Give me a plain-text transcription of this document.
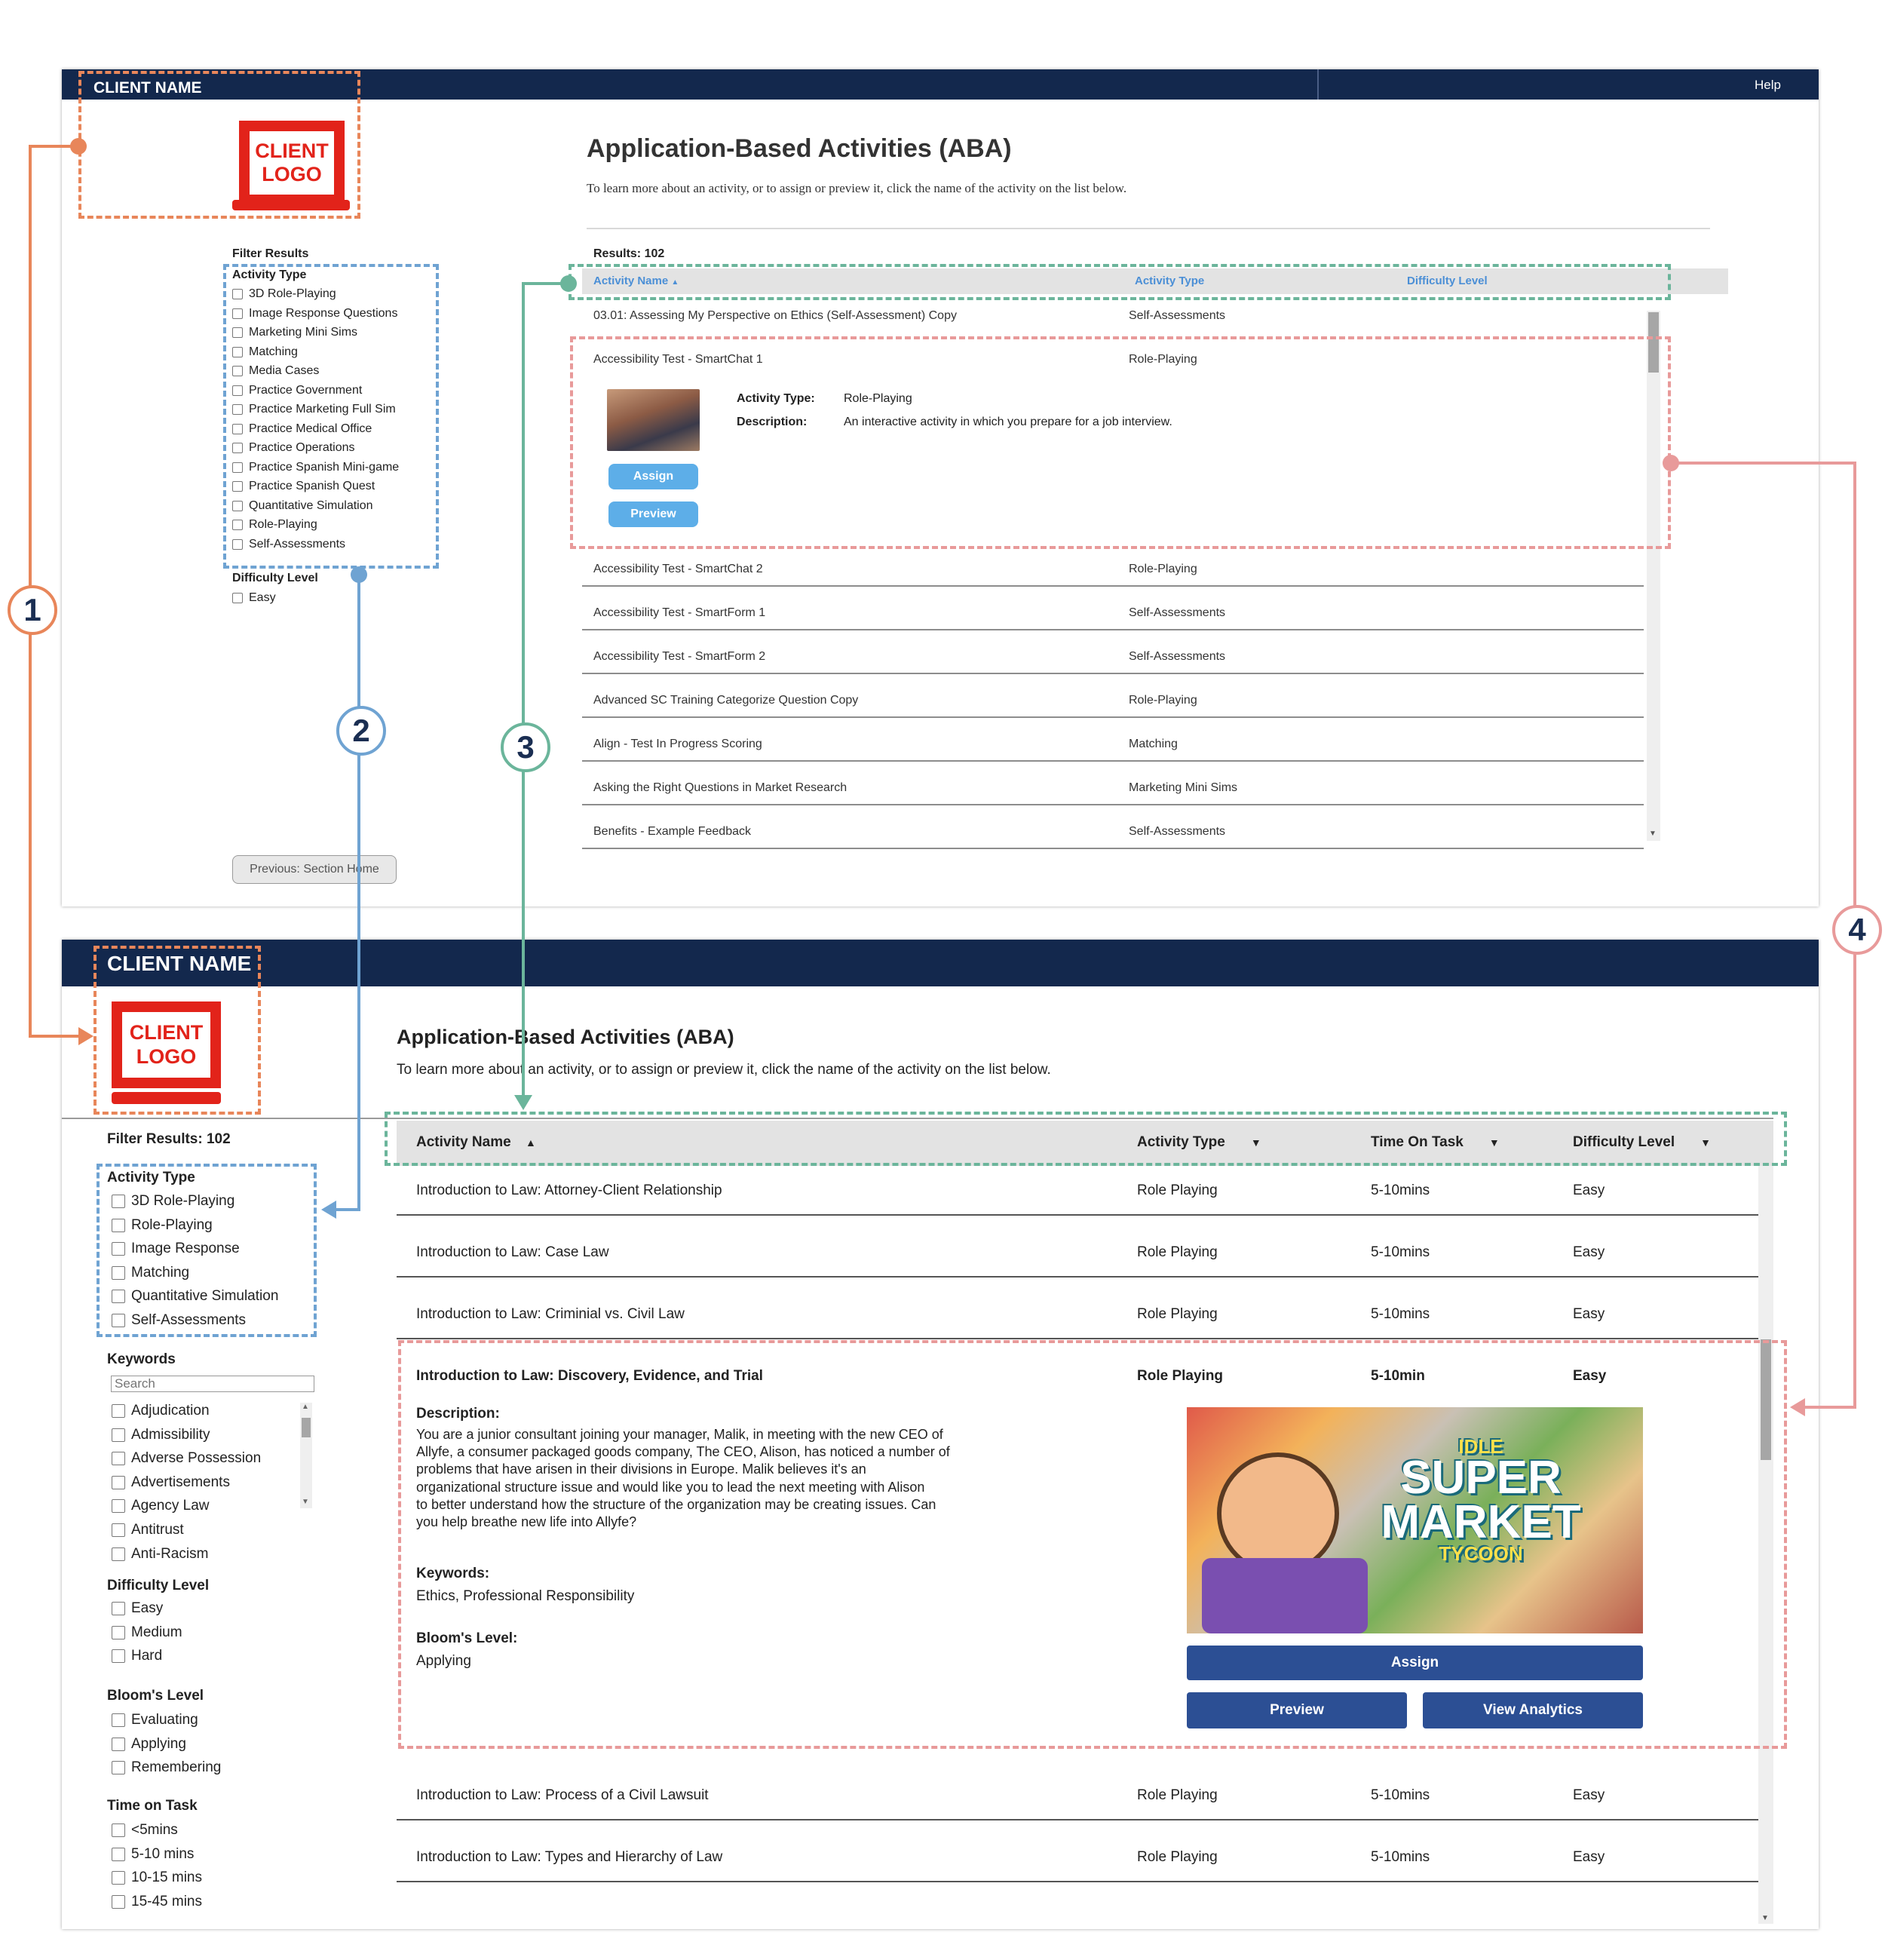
CLIENT NAME	Help
CLIENT
LOGO
Application-Based Activities (ABA)
To learn more about an activity, or to assign or preview it, click the name of the activity on the list below.
Filter Results
Activity Type
3D Role-Playing
Image Response Questions
Marketing Mini Sims
Matching
Media Cases
Practice Government
Practice Marketing Full Sim
Practice Medical Office
Practice Operations
Practice Spanish Mini-game
Practice Spanish Quest
Quantitative Simulation
Role-Playing
Self-Assessments
Difficulty Level
Easy
Previous: Section Home
Results: 102
Activity Name ▲	Activity Type	Difficulty Level
▼
03.01: Assessing My Perspective on Ethics (Self-Assessment) Copy	Self-Assessments
Accessibility Test - SmartChat 1	Role-Playing
Accessibility Test - SmartChat 2	Role-Playing
Accessibility Test - SmartForm 1	Self-Assessments
Accessibility Test - SmartForm 2	Self-Assessments
Advanced SC Training Categorize Question Copy	Role-Playing
Align - Test In Progress Scoring	Matching
Asking the Right Questions in Market Research	Marketing Mini Sims
Benefits - Example Feedback	Self-Assessments
Activity Type: Role-Playing
Description:	An interactive activity in which you prepare for a job interview.
Assign
Preview
CLIENT NAME
CLIENT
LOGO
Application-Based Activities (ABA)
To learn more about an activity, or to assign or preview it, click the name of the activity on the list below.
Filter Results: 102
Activity Type
3D Role-Playing
Role-Playing
Image Response
Matching
Quantitative Simulation
Self-Assessments
Keywords
Search
Adjudication
Admissibility
Adverse Possession
Advertisements
Agency Law
Antitrust
Anti-Racism
▲
▼
Difficulty Level
Easy
Medium
Hard
Bloom's Level
Evaluating
Applying
Remembering
Time on Task
<5mins
5-10 mins
10-15 mins
15-45 mins
Activity Name ▲	Activity Type ▼	Time On Task ▼	Difficulty Level ▼
▼
Introduction to Law: Attorney-Client Relationship	Role Playing	5-10mins	Easy
Introduction to Law: Case Law	Role Playing	5-10mins	Easy
Introduction to Law: Criminial vs. Civil Law	Role Playing	5-10mins	Easy
Introduction to Law: Discovery, Evidence, and Trial	Role Playing	5-10min	Easy
Introduction to Law: Process of a Civil Lawsuit	Role Playing	5-10mins	Easy
Introduction to Law: Types and Hierarchy of Law	Role Playing	5-10mins	Easy
Description:
You are a junior consultant joining your manager, Malik, in meeting with the new CEO of
Allyfe, a consumer packaged goods company, The CEO, Alison, has noticed a number of
problems that have arisen in their divisions in Europe. Malik believes it's an
organizational structure issue and would like you to lead the next meeting with Alison
to better understand how the structure of the organization may be creating issues. Can
you help breathe new life into Allyfe?
Keywords:
Ethics, Professional Responsibility
Bloom's Level:
Applying
IDLE
SUPER
MARKET
TYCOON
Assign
Preview	View Analytics
1
2	3
4
